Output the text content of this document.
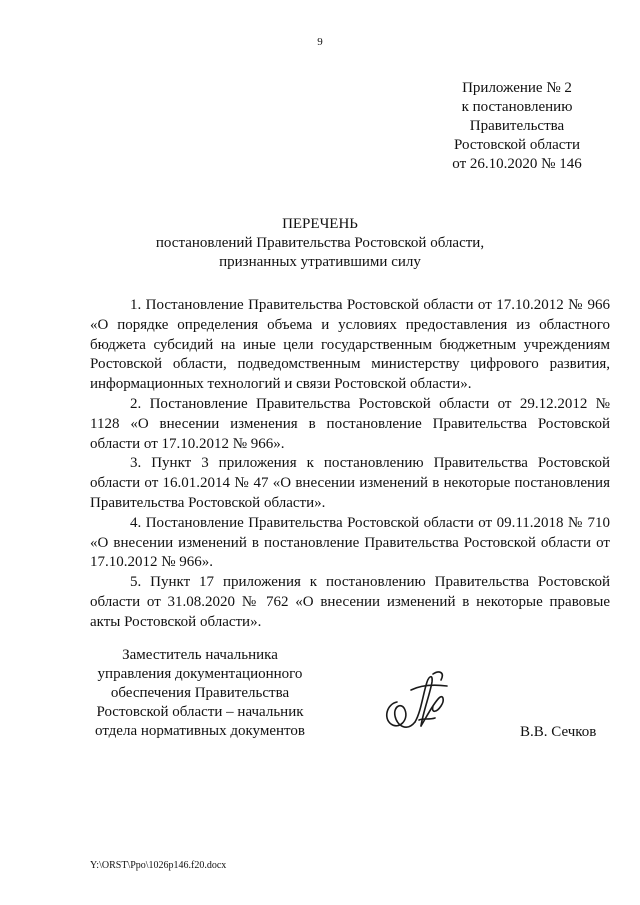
9
Приложение № 2
к постановлению
Правительства
Ростовской области
от 26.10.2020 № 146
ПЕРЕЧЕНЬ
постановлений Правительства Ростовской области,
признанных утратившими силу

1. Постановление Правительства Ростовской области от 17.10.2012 № 966 «О порядке определения объема и условиях предоставления из областного бюджета субсидий на иные цели государственным бюджетным учреждениям Ростовской области, подведомственным министерству цифрового развития, информационных технологий и связи Ростовской области».

2. Постановление Правительства Ростовской области от 29.12.2012 № 1128 «О внесении изменения в постановление Правительства Ростовской области от 17.10.2012 № 966».

3. Пункт 3 приложения к постановлению Правительства Ростовской области от 16.01.2014 № 47 «О внесении изменений в некоторые постановления Правительства Ростовской области».

4. Постановление Правительства Ростовской области от 09.11.2018 № 710 «О внесении изменений в постановление Правительства Ростовской области от 17.10.2012 № 966».

5. Пункт 17 приложения к постановлению Правительства Ростовской области от 31.08.2020 № 762 «О внесении изменений в некоторые правовые акты Ростовской области».

Заместитель начальника
управления документационного
обеспечения Правительства
Ростовской области – начальник
отдела нормативных документов	В.В. Сечков
Y:\ORST\Ppo\1026p146.f20.docx
